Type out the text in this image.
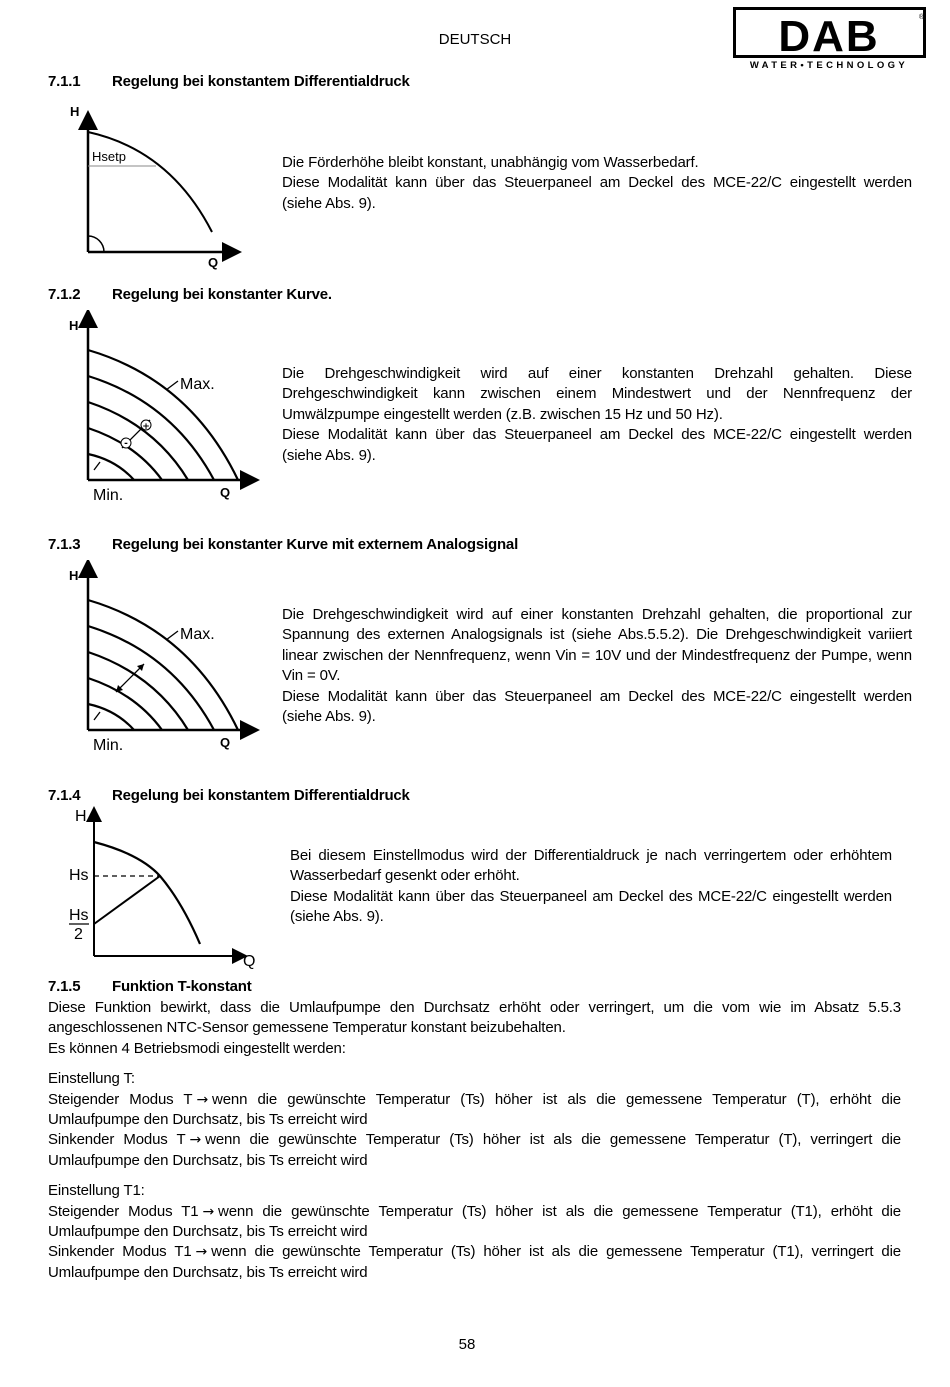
DEUTSCH	DAB
WATER•TECHNOLOGY
®
7.1.1 Regelung bei konstantem Differentialdruck
H
Q
Hsetp	Die Förderhöhe bleibt konstant, unabhängig vom Wasserbedarf.

Diese Modalität kann über das Steuerpaneel am Deckel des MCE-22/C eingestellt werden (siehe Abs. 9).

7.1.2 Regelung bei konstanter Kurve.
H
Q
+
-
Max.
Min.

Die Drehgeschwindigkeit wird auf einer konstanten Drehzahl gehalten. Diese Drehgeschwindigkeit kann zwischen einem Mindestwert und der Nennfrequenz der Umwälzpumpe eingestellt werden (z.B. zwischen 15 Hz und 50 Hz).

Diese Modalität kann über das Steuerpaneel am Deckel des MCE-22/C eingestellt werden (siehe Abs. 9).

7.1.3 Regelung bei konstanter Kurve mit externem Analogsignal
H
Q
Max.
Min.

Die Drehgeschwindigkeit wird auf einer konstanten Drehzahl gehalten, die proportional zur Spannung des externen Analogsignals ist (siehe Abs.5.5.2). Die Drehgeschwindigkeit variiert linear zwischen der Nennfrequenz, wenn Vin = 10V und der Mindestfrequenz der Pumpe, wenn Vin = 0V.

Diese Modalität kann über das Steuerpaneel am Deckel des MCE-22/C eingestellt werden (siehe Abs. 9).

7.1.4 Regelung bei konstantem Differentialdruck
H
Q
Hs
Hs
2

Bei diesem Einstellmodus wird der Differentialdruck je nach verringertem oder erhöhtem Wasserbedarf gesenkt oder erhöht.

Diese Modalität kann über das Steuerpaneel am Deckel des MCE-22/C eingestellt werden (siehe Abs. 9).

7.1.5 Funktion T-konstant

Diese Funktion bewirkt, dass die Umlaufpumpe den Durchsatz erhöht oder verringert, um die vom wie im Absatz 5.5.3 angeschlossenen NTC-Sensor gemessene Temperatur konstant beizubehalten.

Es können 4 Betriebsmodi eingestellt werden:

Einstellung T:

Steigender Modus T → wenn die gewünschte Temperatur (Ts) höher ist als die gemessene Temperatur (T), erhöht die Umlaufpumpe den Durchsatz, bis Ts erreicht wird

Sinkender Modus T → wenn die gewünschte Temperatur (Ts) höher ist als die gemessene Temperatur (T), verringert die Umlaufpumpe den Durchsatz, bis Ts erreicht wird

Einstellung T1:

Steigender Modus T1 → wenn die gewünschte Temperatur (Ts) höher ist als die gemessene Temperatur (T1), erhöht die Umlaufpumpe den Durchsatz, bis Ts erreicht wird

Sinkender Modus T1 → wenn die gewünschte Temperatur (Ts) höher ist als die gemessene Temperatur (T1), verringert die Umlaufpumpe den Durchsatz, bis Ts erreicht wird

58
